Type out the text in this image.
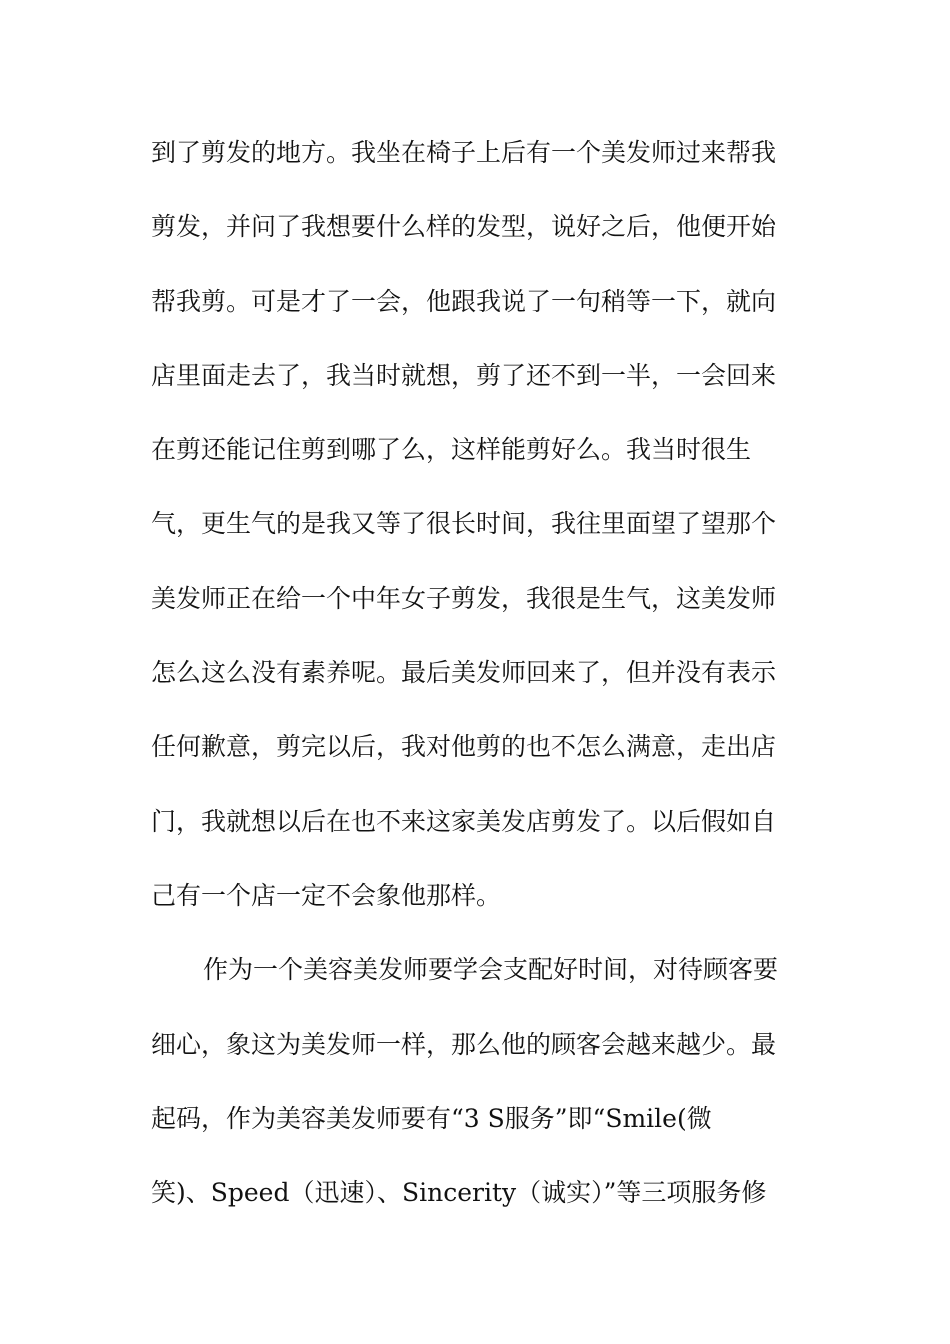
到了剪发的地方。我坐在椅子上后有一个美发师过来帮我
剪发，并问了我想要什么样的发型，说好之后，他便开始
帮我剪。可是才了一会，他跟我说了一句稍等一下，就向
店里面走去了，我当时就想，剪了还不到一半，一会回来
在剪还能记住剪到哪了么，这样能剪好么。我当时很生
气，更生气的是我又等了很长时间，我往里面望了望那个
美发师正在给一个中年女子剪发，我很是生气，这美发师
怎么这么没有素养呢。最后美发师回来了，但并没有表示
任何歉意，剪完以后，我对他剪的也不怎么满意，走出店
门，我就想以后在也不来这家美发店剪发了。以后假如自
己有一个店一定不会象他那样。
作为一个美容美发师要学会支配好时间，对待顾客要
细心，象这为美发师一样，那么他的顾客会越来越少。最
起码，作为美容美发师要有“3 S服务”即“Smile(微
笑)、Speed（迅速）、Sincerity（诚实）”等三项服务修
